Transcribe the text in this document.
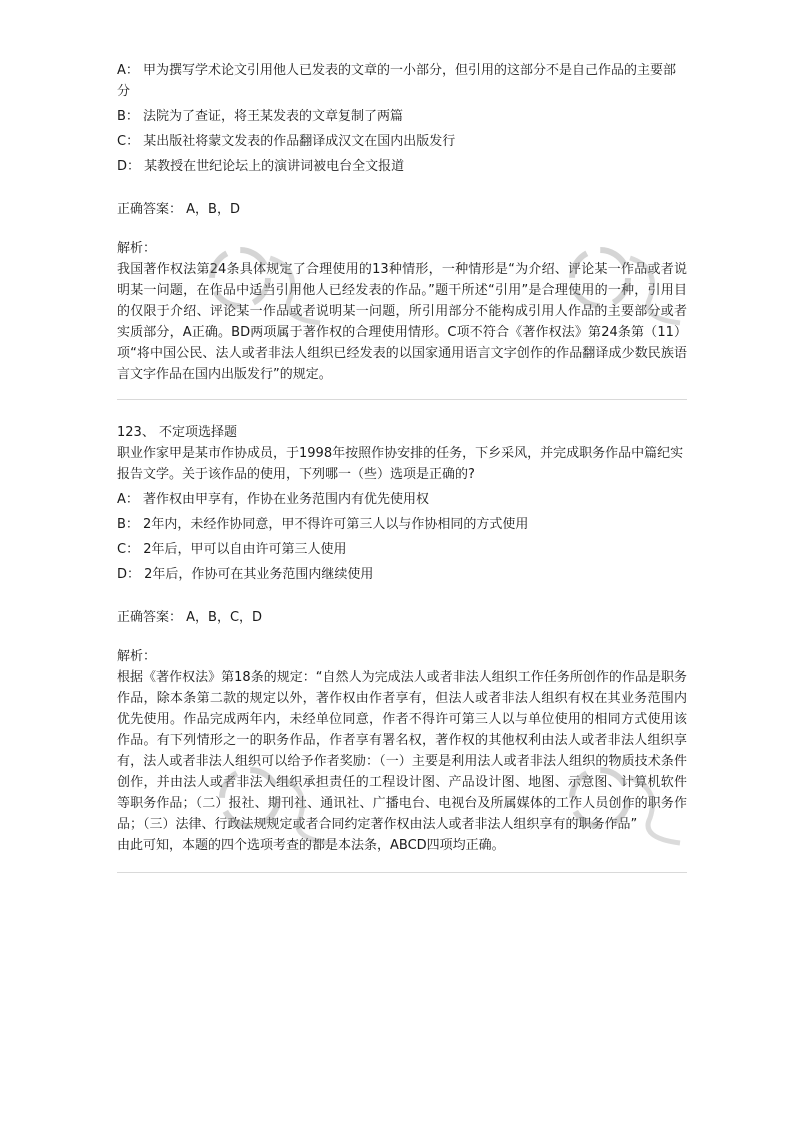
A： 甲为撰写学术论文引用他人已发表的文章的一小部分，但引用的这部分不是自己作品的主要部分

B： 法院为了查证，将王某发表的文章复制了两篇

C： 某出版社将蒙文发表的作品翻译成汉文在国内出版发行

D： 某教授在世纪论坛上的演讲词被电台全文报道

正确答案： A，B，D

解析：

我国著作权法第24条具体规定了合理使用的13种情形，一种情形是“为介绍、评论某一作品或者说明某一问题，在作品中适当引用他人已经发表的作品。”题干所述“引用”是合理使用的一种，引用目的仅限于介绍、评论某一作品或者说明某一问题，所引用部分不能构成引用人作品的主要部分或者实质部分，A正确。BD两项属于著作权的合理使用情形。C项不符合《著作权法》第24条第（11）项“将中国公民、法人或者非法人组织已经发表的以国家通用语言文字创作的作品翻译成少数民族语言文字作品在国内出版发行”的规定。

123、 不定项选择题

职业作家甲是某市作协成员，于1998年按照作协安排的任务，下乡采风，并完成职务作品中篇纪实报告文学。关于该作品的使用，下列哪一（些）选项是正确的?

A： 著作权由甲享有，作协在业务范围内有优先使用权

B： 2年内，未经作协同意，甲不得许可第三人以与作协相同的方式使用

C： 2年后，甲可以自由许可第三人使用

D： 2年后，作协可在其业务范围内继续使用

正确答案： A，B，C，D

解析：

根据《著作权法》第18条的规定：“自然人为完成法人或者非法人组织工作任务所创作的作品是职务作品，除本条第二款的规定以外，著作权由作者享有，但法人或者非法人组织有权在其业务范围内优先使用。作品完成两年内，未经单位同意，作者不得许可第三人以与单位使用的相同方式使用该作品。有下列情形之一的职务作品，作者享有署名权，著作权的其他权利由法人或者非法人组织享有，法人或者非法人组织可以给予作者奖励：（一）主要是利用法人或者非法人组织的物质技术条件创作，并由法人或者非法人组织承担责任的工程设计图、产品设计图、地图、示意图、计算机软件等职务作品；（二）报社、期刊社、通讯社、广播电台、电视台及所属媒体的工作人员创作的职务作品；（三）法律、行政法规规定或者合同约定著作权由法人或者非法人组织享有的职务作品”

由此可知，本题的四个选项考查的都是本法条，ABCD四项均正确。
